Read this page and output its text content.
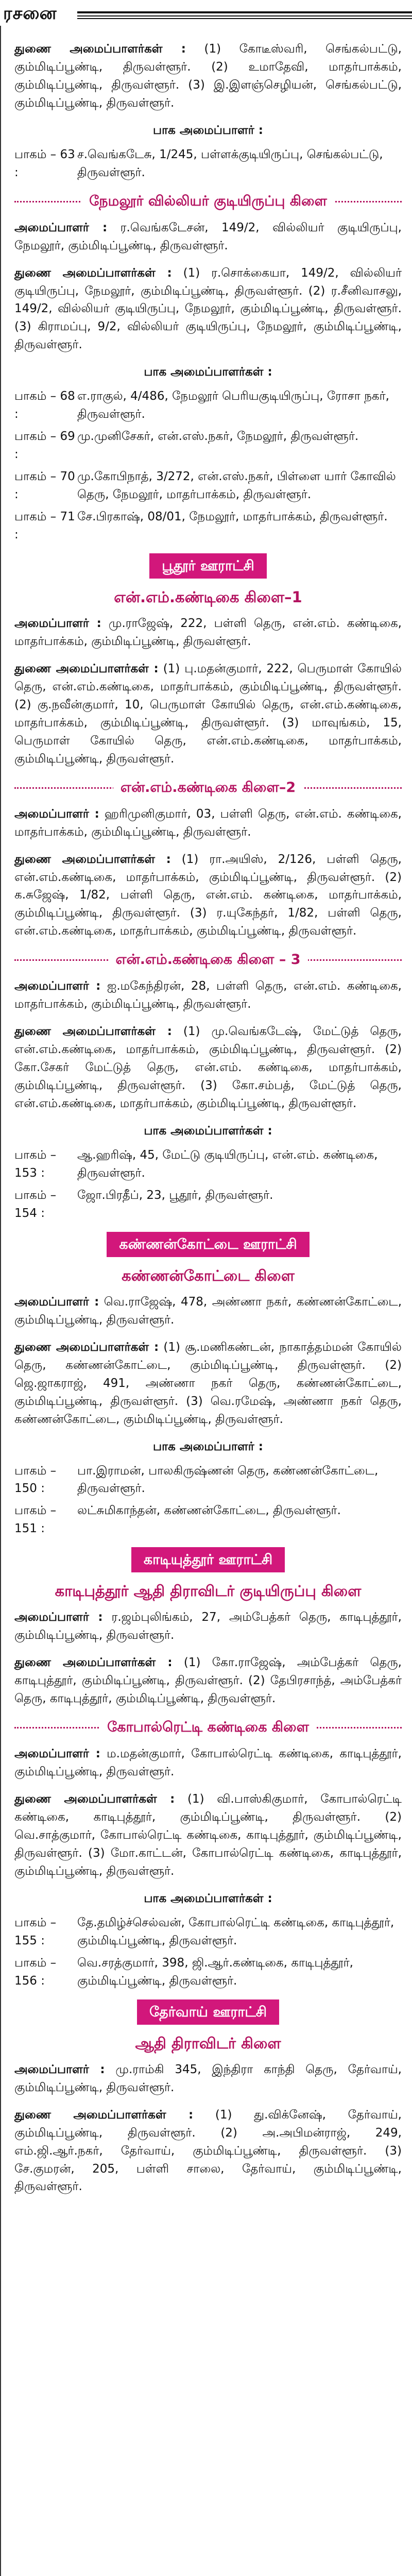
ரசனை
துணை அமைப்பாளர்கள் : (1) கோடீஸ்வரி, செங்கல்பட்டு, கும்மிடிப்பூண்டி, திருவள்ளூர். (2) உமாதேவி, மாதர்பாக்கம், கும்மிடிப்பூண்டி, திருவள்ளூர். (3) இ.இளஞ்செழியன், செங்கல்பட்டு, கும்மிடிப்பூண்டி, திருவள்ளூர்.
பாக அமைப்பாளர் :
பாகம் – 63 :
ச.வெங்கடேசு, 1/245, பள்ளக்குடியிருப்பு, செங்கல்பட்டு, திருவள்ளூர்.
நேமலூர் வில்லியர் குடியிருப்பு கிளை
அமைப்பாளர் : ர.வெங்கடேசன், 149/2, வில்லியர் குடியிருப்பு, நேமலூர், கும்மிடிப்பூண்டி, திருவள்ளூர்.
துணை அமைப்பாளர்கள் : (1) ர.சொக்கையா, 149/2, வில்லியர் குடியிருப்பு, நேமலூர், கும்மிடிப்பூண்டி, திருவள்ளூர். (2) ர.சீனிவாசலு, 149/2, வில்லியர் குடியிருப்பு, நேமலூர், கும்மிடிப்பூண்டி, திருவள்ளூர். (3) கிராமப்பு, 9/2, வில்லியர் குடியிருப்பு, நேமலூர், கும்மிடிப்பூண்டி, திருவள்ளூர்.
பாக அமைப்பாளர்கள் :
பாகம் – 68 :
எ.ராகுல், 4/486, நேமலூர் பெரியகுடியிருப்பு, ரோசா நகர், திருவள்ளூர்.
பாகம் – 69 :
மு.முனிசேகர், என்.எஸ்.நகர், நேமலூர், திருவள்ளூர்.
பாகம் – 70 :
மு.கோபிநாத், 3/272, என்.எஸ்.நகர், பிள்ளை யார் கோவில் தெரு, நேமலூர், மாதர்பாக்கம், திருவள்ளூர்.
பாகம் – 71 :
சே.பிரகாஷ், 08/01, நேமலூர், மாதர்பாக்கம், திருவள்ளூர்.
பூதூர் ஊராட்சி
என்.எம்.கண்டிகை கிளை–1
அமைப்பாளர் : மு.ராஜேஷ், 222, பள்ளி தெரு, என்.எம். கண்டிகை, மாதர்பாக்கம், கும்மிடிப்பூண்டி, திருவள்ளூர்.
துணை அமைப்பாளர்கள் : (1) பு.மதன்குமார், 222, பெருமாள் கோயில் தெரு, என்.எம்.கண்டிகை, மாதர்பாக்கம், கும்மிடிப்பூண்டி, திருவள்ளூர். (2) கு.நவீன்குமார், 10, பெருமாள் கோயில் தெரு, என்.எம்.கண்டிகை, மாதர்பாக்கம், கும்மிடிப்பூண்டி, திருவள்ளூர். (3) மாவுங்கம், 15, பெருமாள் கோயில் தெரு, என்.எம்.கண்டிகை, மாதர்பாக்கம், கும்மிடிப்பூண்டி, திருவள்ளூர்.
என்.எம்.கண்டிகை கிளை–2
அமைப்பாளர் : ஹரிமுனிகுமார், 03, பள்ளி தெரு, என்.எம். கண்டிகை, மாதர்பாக்கம், கும்மிடிப்பூண்டி, திருவள்ளூர்.
துணை அமைப்பாளர்கள் : (1) ரா.அயிஸ், 2/126, பள்ளி தெரு, என்.எம்.கண்டிகை, மாதர்பாக்கம், கும்மிடிப்பூண்டி, திருவள்ளூர். (2) க.சுஜேஷ், 1/82, பள்ளி தெரு, என்.எம். கண்டிகை, மாதர்பாக்கம், கும்மிடிப்பூண்டி, திருவள்ளூர். (3) ர.யுகேந்தர், 1/82, பள்ளி தெரு, என்.எம்.கண்டிகை, மாதர்பாக்கம், கும்மிடிப்பூண்டி, திருவள்ளூர்.
என்.எம்.கண்டிகை கிளை – 3
அமைப்பாளர் : ஐ.மகேந்திரன், 28, பள்ளி தெரு, என்.எம். கண்டிகை, மாதர்பாக்கம், கும்மிடிப்பூண்டி, திருவள்ளூர்.
துணை அமைப்பாளர்கள் : (1) மு.வெங்கடேஷ், மேட்டுத் தெரு, என்.எம்.கண்டிகை, மாதர்பாக்கம், கும்மிடிப்பூண்டி, திருவள்ளூர். (2) கோ.சேகர் மேட்டுத் தெரு, என்.எம். கண்டிகை, மாதர்பாக்கம், கும்மிடிப்பூண்டி, திருவள்ளூர். (3) கோ.சம்பத், மேட்டுத் தெரு, என்.எம்.கண்டிகை, மாதர்பாக்கம், கும்மிடிப்பூண்டி, திருவள்ளூர்.
பாக அமைப்பாளர்கள் :
பாகம் – 153 :
ஆ.ஹரிஷ், 45, மேட்டு குடியிருப்பு, என்.எம். கண்டிகை, திருவள்ளூர்.
பாகம் – 154 :
ஜோ.பிரதீப், 23, பூதூர், திருவள்ளூர்.
கண்ணன்கோட்டை ஊராட்சி
கண்ணன்கோட்டை கிளை
அமைப்பாளர் : வெ.ராஜேஷ், 478, அண்ணா நகர், கண்ணன்கோட்டை, கும்மிடிப்பூண்டி, திருவள்ளூர்.
துணை அமைப்பாளர்கள் : (1) சூ.மணிகண்டன், நாகாத்தம்மன் கோயில் தெரு, கண்ணன்கோட்டை, கும்மிடிப்பூண்டி, திருவள்ளூர். (2) ஜெ.ஜாகராஜ், 491, அண்ணா நகர் தெரு, கண்ணன்கோட்டை, கும்மிடிப்பூண்டி, திருவள்ளூர். (3) வெ.ரமேஷ், அண்ணா நகர் தெரு, கண்ணன்கோட்டை, கும்மிடிப்பூண்டி, திருவள்ளூர்.
பாக அமைப்பாளர் :
பாகம் – 150 :
பா.இராமன், பாலகிருஷ்ணன் தெரு, கண்ணன்கோட்டை, திருவள்ளூர்.
பாகம் – 151 :
லட்சுமிகாந்தன், கண்ணன்கோட்டை, திருவள்ளூர்.
காடியுத்தூர் ஊராட்சி
காடிபுத்தூர் ஆதி திராவிடர் குடியிருப்பு கிளை
அமைப்பாளர் : ர.ஜம்புலிங்கம், 27, அம்பேத்கர் தெரு, காடிபுத்தூர், கும்மிடிப்பூண்டி, திருவள்ளூர்.
துணை அமைப்பாளர்கள் : (1) கோ.ராஜேஷ், அம்பேத்கர் தெரு, காடிபுத்தூர், கும்மிடிப்பூண்டி, திருவள்ளூர். (2) தேபிரசாந்த், அம்பேத்கர் தெரு, காடிபுத்தூர், கும்மிடிப்பூண்டி, திருவள்ளூர்.
கோபால்ரெட்டி கண்டிகை கிளை
அமைப்பாளர் : ம.மதன்குமார், கோபால்ரெட்டி கண்டிகை, காடிபுத்தூர், கும்மிடிப்பூண்டி, திருவள்ளூர்.
துணை அமைப்பாளர்கள் : (1) வி.பாஸ்கிகுமார், கோபால்ரெட்டி கண்டிகை, காடிபுத்தூர், கும்மிடிப்பூண்டி, திருவள்ளூர். (2) வெ.சாத்குமார், கோபால்ரெட்டி கண்டிகை, காடிபுத்தூர், கும்மிடிப்பூண்டி, திருவள்ளூர். (3) மோ.காட்டன், கோபால்ரெட்டி கண்டிகை, காடிபுத்தூர், கும்மிடிப்பூண்டி, திருவள்ளூர்.
பாக அமைப்பாளர்கள் :
பாகம் – 155 :
தே.தமிழ்ச்செல்வன், கோபால்ரெட்டி கண்டிகை, காடிபுத்தூர், கும்மிடிப்பூண்டி, திருவள்ளூர்.
பாகம் – 156 :
வெ.சரத்குமார், 398, ஜி.ஆர்.கண்டிகை, காடிபுத்தூர், கும்மிடிப்பூண்டி, திருவள்ளூர்.
தேர்வாய் ஊராட்சி
ஆதி திராவிடர் கிளை
அமைப்பாளர் : மு.ராம்கி 345, இந்திரா காந்தி தெரு, தேர்வாய், கும்மிடிப்பூண்டி, திருவள்ளூர்.
துணை அமைப்பாளர்கள் : (1) து.விக்னேஷ், தேர்வாய், கும்மிடிப்பூண்டி, திருவள்ளூர். (2) அ.அபிமன்ராஜ், 249, எம்.ஜி.ஆர்.நகர், தேர்வாய், கும்மிடிப்பூண்டி, திருவள்ளூர். (3) சே.குமரன், 205, பள்ளி சாலை, தேர்வாய், கும்மிடிப்பூண்டி, திருவள்ளூர்.
